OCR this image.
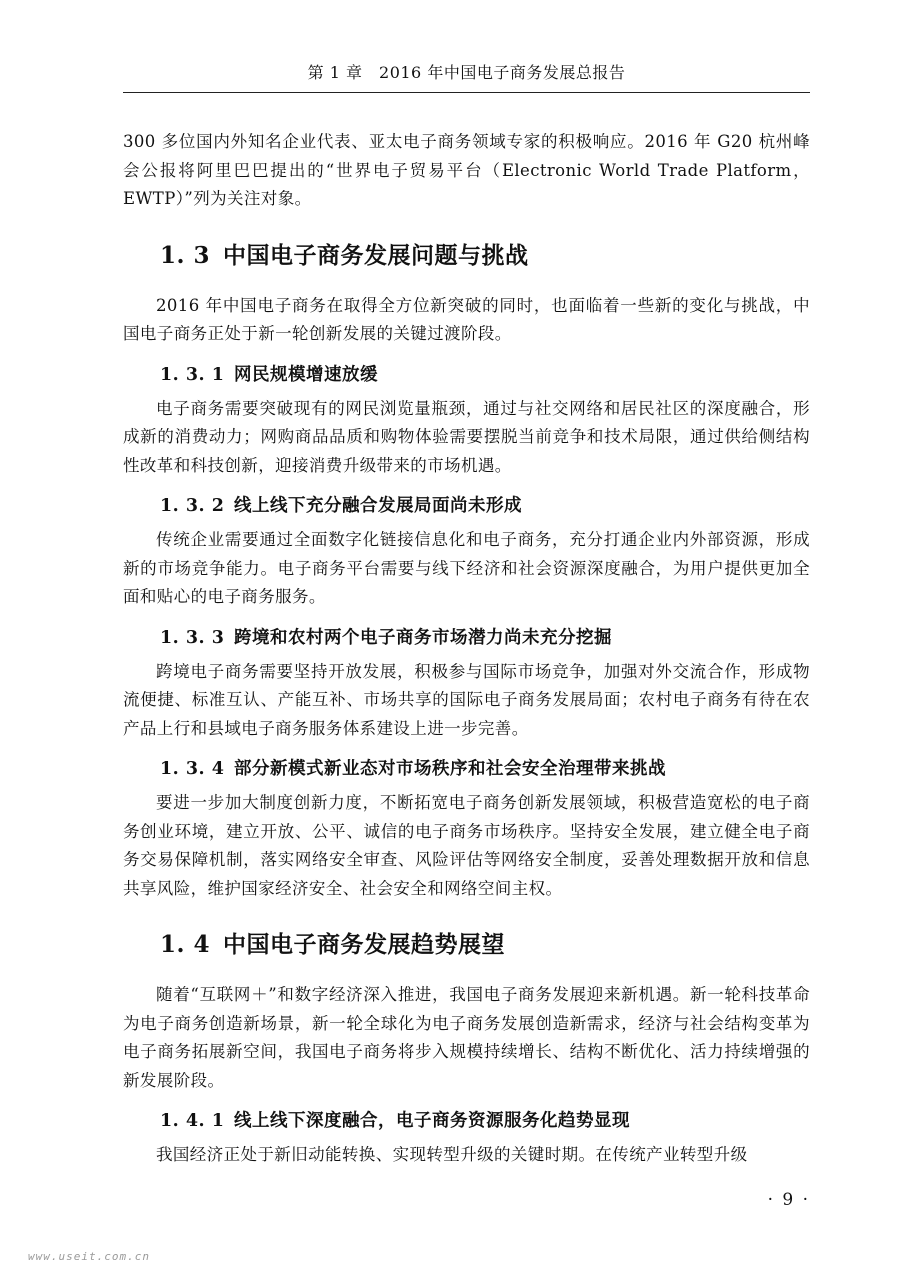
第 1 章　2016 年中国电子商务发展总报告

300 多位国内外知名企业代表、亚太电子商务领域专家的积极响应。2016 年 G20 杭州峰会公报将阿里巴巴提出的“世界电子贸易平台（Electronic World Trade Platform，EWTP）”列为关注对象。

1. 3 中国电子商务发展问题与挑战

2016 年中国电子商务在取得全方位新突破的同时，也面临着一些新的变化与挑战，中国电子商务正处于新一轮创新发展的关键过渡阶段。

1. 3. 1 网民规模增速放缓

电子商务需要突破现有的网民浏览量瓶颈，通过与社交网络和居民社区的深度融合，形成新的消费动力；网购商品品质和购物体验需要摆脱当前竞争和技术局限，通过供给侧结构性改革和科技创新，迎接消费升级带来的市场机遇。

1. 3. 2 线上线下充分融合发展局面尚未形成

传统企业需要通过全面数字化链接信息化和电子商务，充分打通企业内外部资源，形成新的市场竞争能力。电子商务平台需要与线下经济和社会资源深度融合，为用户提供更加全面和贴心的电子商务服务。

1. 3. 3 跨境和农村两个电子商务市场潜力尚未充分挖掘

跨境电子商务需要坚持开放发展，积极参与国际市场竞争，加强对外交流合作，形成物流便捷、标准互认、产能互补、市场共享的国际电子商务发展局面；农村电子商务有待在农产品上行和县域电子商务服务体系建设上进一步完善。

1. 3. 4 部分新模式新业态对市场秩序和社会安全治理带来挑战

要进一步加大制度创新力度，不断拓宽电子商务创新发展领域，积极营造宽松的电子商务创业环境，建立开放、公平、诚信的电子商务市场秩序。坚持安全发展，建立健全电子商务交易保障机制，落实网络安全审查、风险评估等网络安全制度，妥善处理数据开放和信息共享风险，维护国家经济安全、社会安全和网络空间主权。

1. 4 中国电子商务发展趋势展望

随着“互联网＋”和数字经济深入推进，我国电子商务发展迎来新机遇。新一轮科技革命为电子商务创造新场景，新一轮全球化为电子商务发展创造新需求，经济与社会结构变革为电子商务拓展新空间，我国电子商务将步入规模持续增长、结构不断优化、活力持续增强的新发展阶段。

1. 4. 1 线上线下深度融合，电子商务资源服务化趋势显现

我国经济正处于新旧动能转换、实现转型升级的关键时期。在传统产业转型升级

· 9 ·
www.useit.com.cn
